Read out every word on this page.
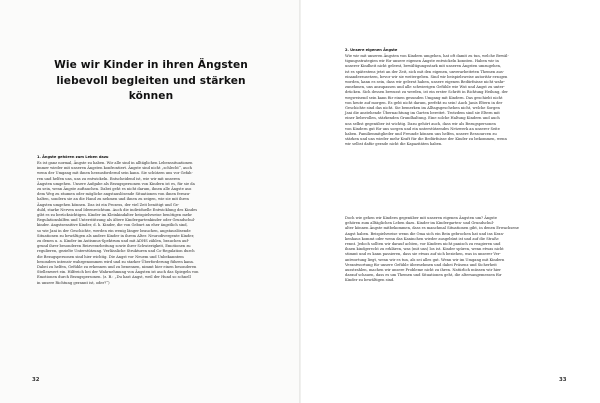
Wie wir Kinder in ihren Ängsten liebevoll begleiten und stärken können
1. Ängste gehören zum Leben dazu
Es ist ganz normal, Ängste zu haben. Wir alle sind in alltäglichen Lebenssituationen
immer wieder mit unseren Ängsten konfrontiert. Ängste sind nicht „schlecht“, auch
wenn der Umgang mit ihnen herausfordernd sein kann. Sie schützen uns vor Gefah-
ren und helfen uns, uns zu entwickeln. Entscheidend ist, wie wir mit unseren
Ängsten umgehen. Unsere Aufgabe als Bezugspersonen von Kindern ist es, für sie da
zu sein, wenn Ängste auftauchen. Dabei geht es nicht darum, ihnen alle Ängste aus
dem Weg zu räumen oder mögliche angstauslösende Situationen von ihnen fernzu-
halten, sondern sie an die Hand zu nehmen und ihnen zu zeigen, wie sie mit ihren
Ängsten umgehen können. Das ist ein Prozess, der viel Zeit benötigt und Ge-
duld, starke Nerven und Ideenreichtum. Auch die individuelle Entwicklung des Kindes
gibt es zu berücksichtigen. Kinder im Kleinkindalter beispielsweise benötigen mehr
Regulationshilfen und Unterstützung als ältere Kindergartenkinder oder Grundschul-
kinder. Angstsensitive Kinder, d. h. Kinder, die von Geburt an eher ängstlich sind,
so wie Jani in der Geschichte, werden ein wenig länger brauchen, angstauslösende
Situationen zu bewältigen als andere Kinder in ihrem Alter. Neurodivergente Kinder,
zu denen u. a. Kinder im Autismus-Spektrum und mit ADHS zählen, brauchen auf-
grund ihrer besonderen Reizverarbeitung sowie ihrer Schwierigkeit, Emotionen zu
regulieren, gezielte Unterstützung. Verlässliche Strukturen und Co-Regulation durch
die Bezugspersonen sind hier wichtig. Die Angst vor Neuem und Unbekanntem
besonders intensiv wahrgenommen wird und zu starker Überforderung führen kann.
Dabei zu helfen, Gefühle zu erkennen und zu benennen, nimmt hier einen besonderen
Stellenwert ein. Hilfreich bei der Wahrnehmung von Ängsten ist auch das Spiegeln von
Emotionen durch Bezugspersonen. (z. B.: „Du hast Angst, weil der Hund so schnell
in unsere Richtung gerannt ist, oder?“)
32
2. Unsere eigenen Ängste
Wie wir mit unseren Ängsten von Kindern umgehen, hat oft damit zu tun, welche Bewäl-
tigungsstrategien wir für unsere eigenen Ängste entwickeln konnten. Haben wir in
unserer Kindheit nicht gelernt, bewältigungsstark mit unseren Ängsten umzugehen,
ist es spätestens jetzt an der Zeit, sich mit den eigenen, unverarbeiteten Themen aus-
einanderzusetzen, bevor wir sie weitergeben. Sind wir beispielsweise autoritär erzogen
worden, kann es sein, dass wir gelernt haben, unsere eigenen Bedürfnisse nicht wahr-
zunehmen, uns anzupassen und alle schwierigen Gefühle wie Wut und Angst zu unter-
drücken. Sich dessen bewusst zu werden, ist ein erster Schritt in Richtung Heilung, der
wegweisend sein kann für einen gesunden Umgang mit Kindern. Das geschieht nicht
von heute auf morgen. Es geht nicht darum, perfekt zu sein! Auch Janis Eltern in der
Geschichte sind das nicht. Sie bemerken im Alltagsgeschehen nicht, welche Sorgen
Jani die anstehende Übernachtung im Garten bereitet. Trotzdem sind sie Eltern mit
einer liebevollen, stärkenden Grundhaltung. Eine solche Haltung Kindern und auch
uns selbst gegenüber ist wichtig. Dazu gehört auch, dass wir als Bezugspersonen
von Kindern gut für uns sorgen und ein unterstützendes Netzwerk an unserer Seite
haben. Familienmitglieder und Freunde können uns helfen, unsere Ressourcen zu
stärken und uns wieder mehr Kraft für die Bedürfnisse der Kinder zu bekommen, wenn
wir selbst dafür gerade nicht die Kapazitäten haben.
Doch wie gehen wir Kindern gegenüber mit unseren eigenen Ängsten um? Ängste
gehören zum alltäglichen Leben dazu. Kinder im Kindergarten- und Grundschul-
alter können Ängste mitbekommen, dass es manchmal Situationen gibt, in denen Erwachsene
Angst haben. Beispielsweise wenn die Oma sich ein Bein gebrochen hat und ins Kran-
kenhaus kommt oder wenn das Kaninchen wieder ausgebüxt ist und auf die Straße
rennt. Jedoch sollten wir darauf achten, vor Kindern nicht panisch zu reagieren und
ihnen kindgerecht zu erklären, was (mit uns) los ist. Kinder spüren, wenn etwas nicht
stimmt und es kann passieren, dass sie etwas auf sich beziehen, was in unserer Ver-
antwortung liegt, wenn wir es tun, als sei alles gut. Wenn wir im Umgang mit Kindern
Verantwortung für unsere Gefühle übernehmen und dabei Präsenz und Sicherheit
ausstrahlen, machen wir unsere Probleme nicht zu ihren. Natürlich müssen wir hier
darauf schauen, dass es um Themen und Situationen geht, die altersangemessen für
Kinder zu bewältigen sind.
33
